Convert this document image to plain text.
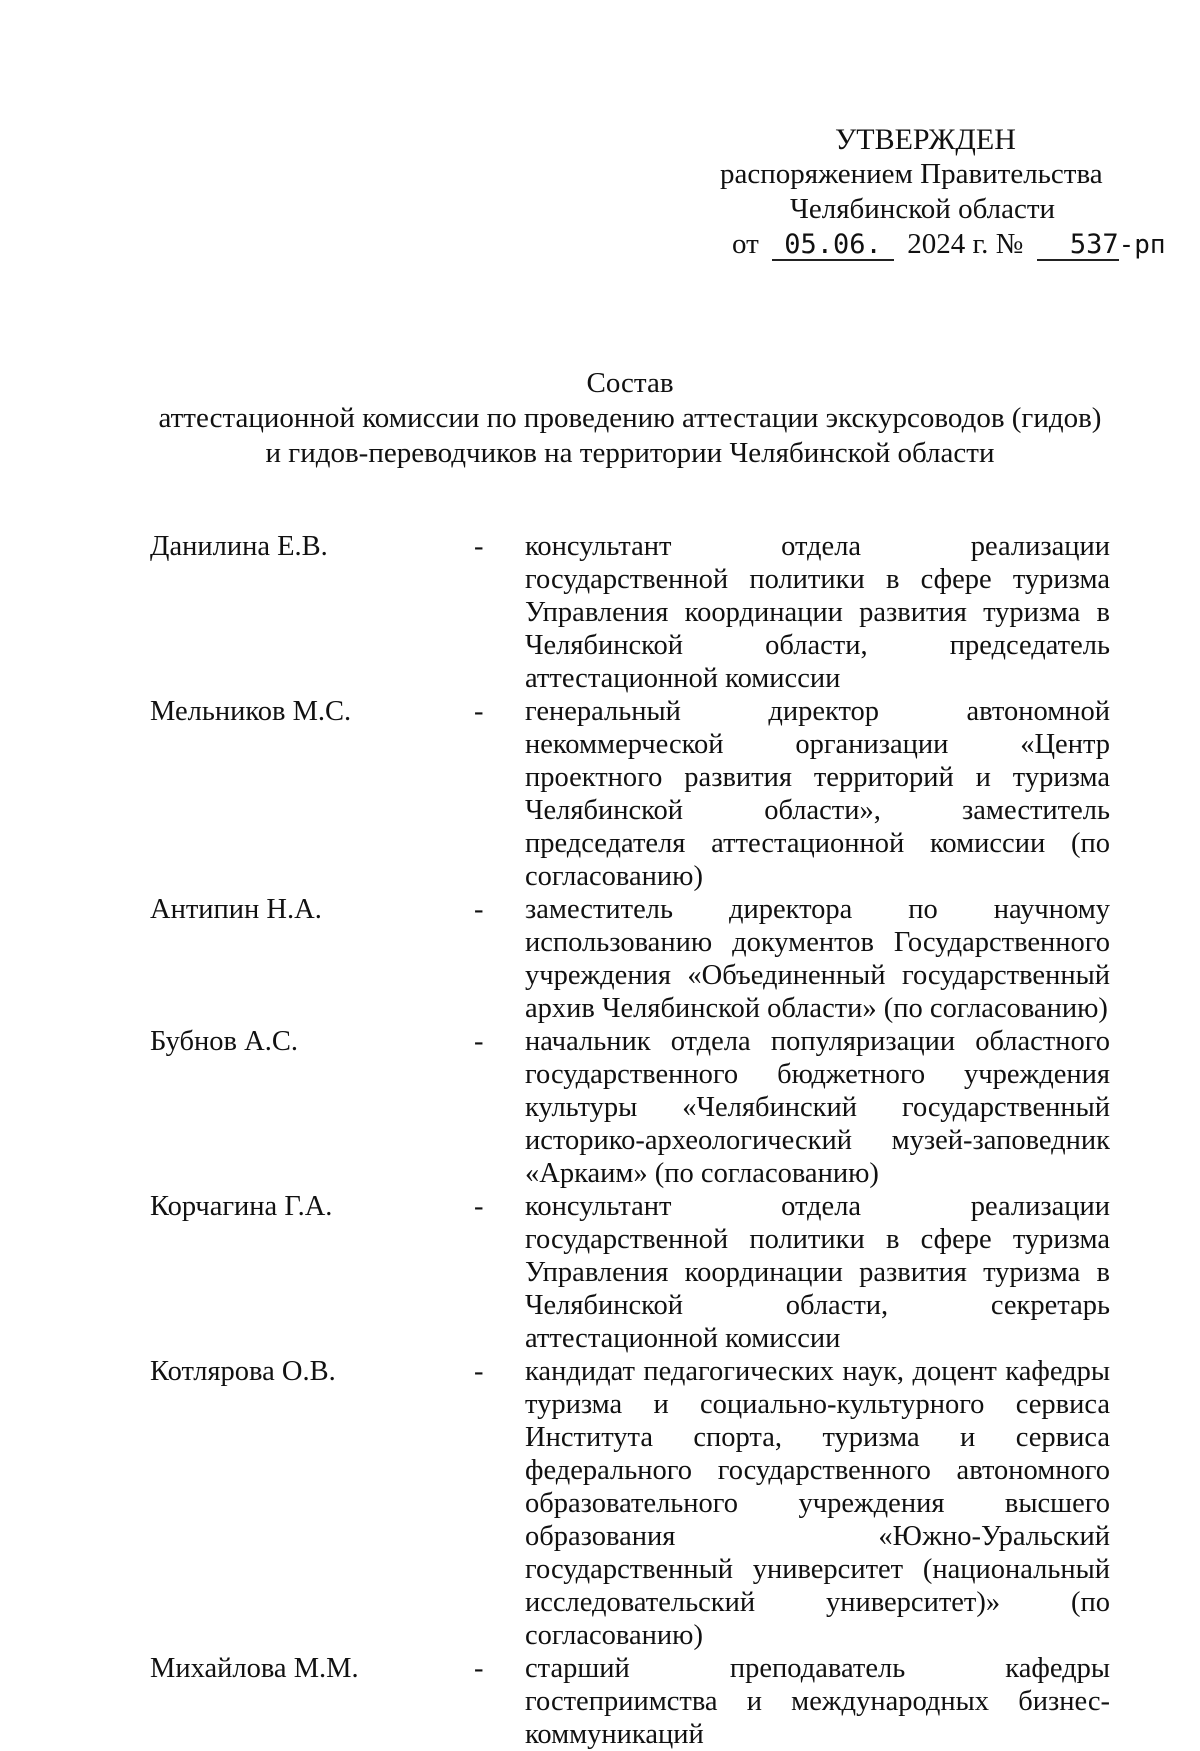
УТВЕРЖДЕН
распоряжением Правительства
Челябинской области
от 05.06. 2024 г. № 537-рп
Состав
аттестационной комиссии по проведению аттестации экскурсоводов (гидов)
и гидов-переводчиков на территории Челябинской области
Данилина Е.В.	-	консультант отдела реализации государственной политики в сфере туризма Управления координации развития туризма в Челябинской области, председатель аттестационной комиссии
Мельников М.С.	-	генеральный директор автономной некоммерческой организации «Центр проектного развития территорий и туризма Челябинской области», заместитель председателя аттестационной комиссии (по согласованию)
Антипин Н.А.	-	заместитель директора по научному использованию документов Государственного учреждения «Объединенный государственный архив Челябинской области» (по согласованию)
Бубнов А.С.	-	начальник отдела популяризации областного государственного бюджетного учреждения культуры «Челябинский государственный историко-археологический музей-заповедник «Аркаим» (по согласованию)
Корчагина Г.А.	-	консультант отдела реализации государственной политики в сфере туризма Управления координации развития туризма в Челябинской области, секретарь аттестационной комиссии
Котлярова О.В.	-	кандидат педагогических наук, доцент кафедры туризма и социально-культурного сервиса Института спорта, туризма и сервиса федерального государственного автономного образовательного учреждения высшего образования «Южно-Уральский государственный университет (национальный исследовательский университет)» (по согласованию)
Михайлова М.М.	-	старший преподаватель кафедры гостеприимства и международных бизнес-коммуникаций
